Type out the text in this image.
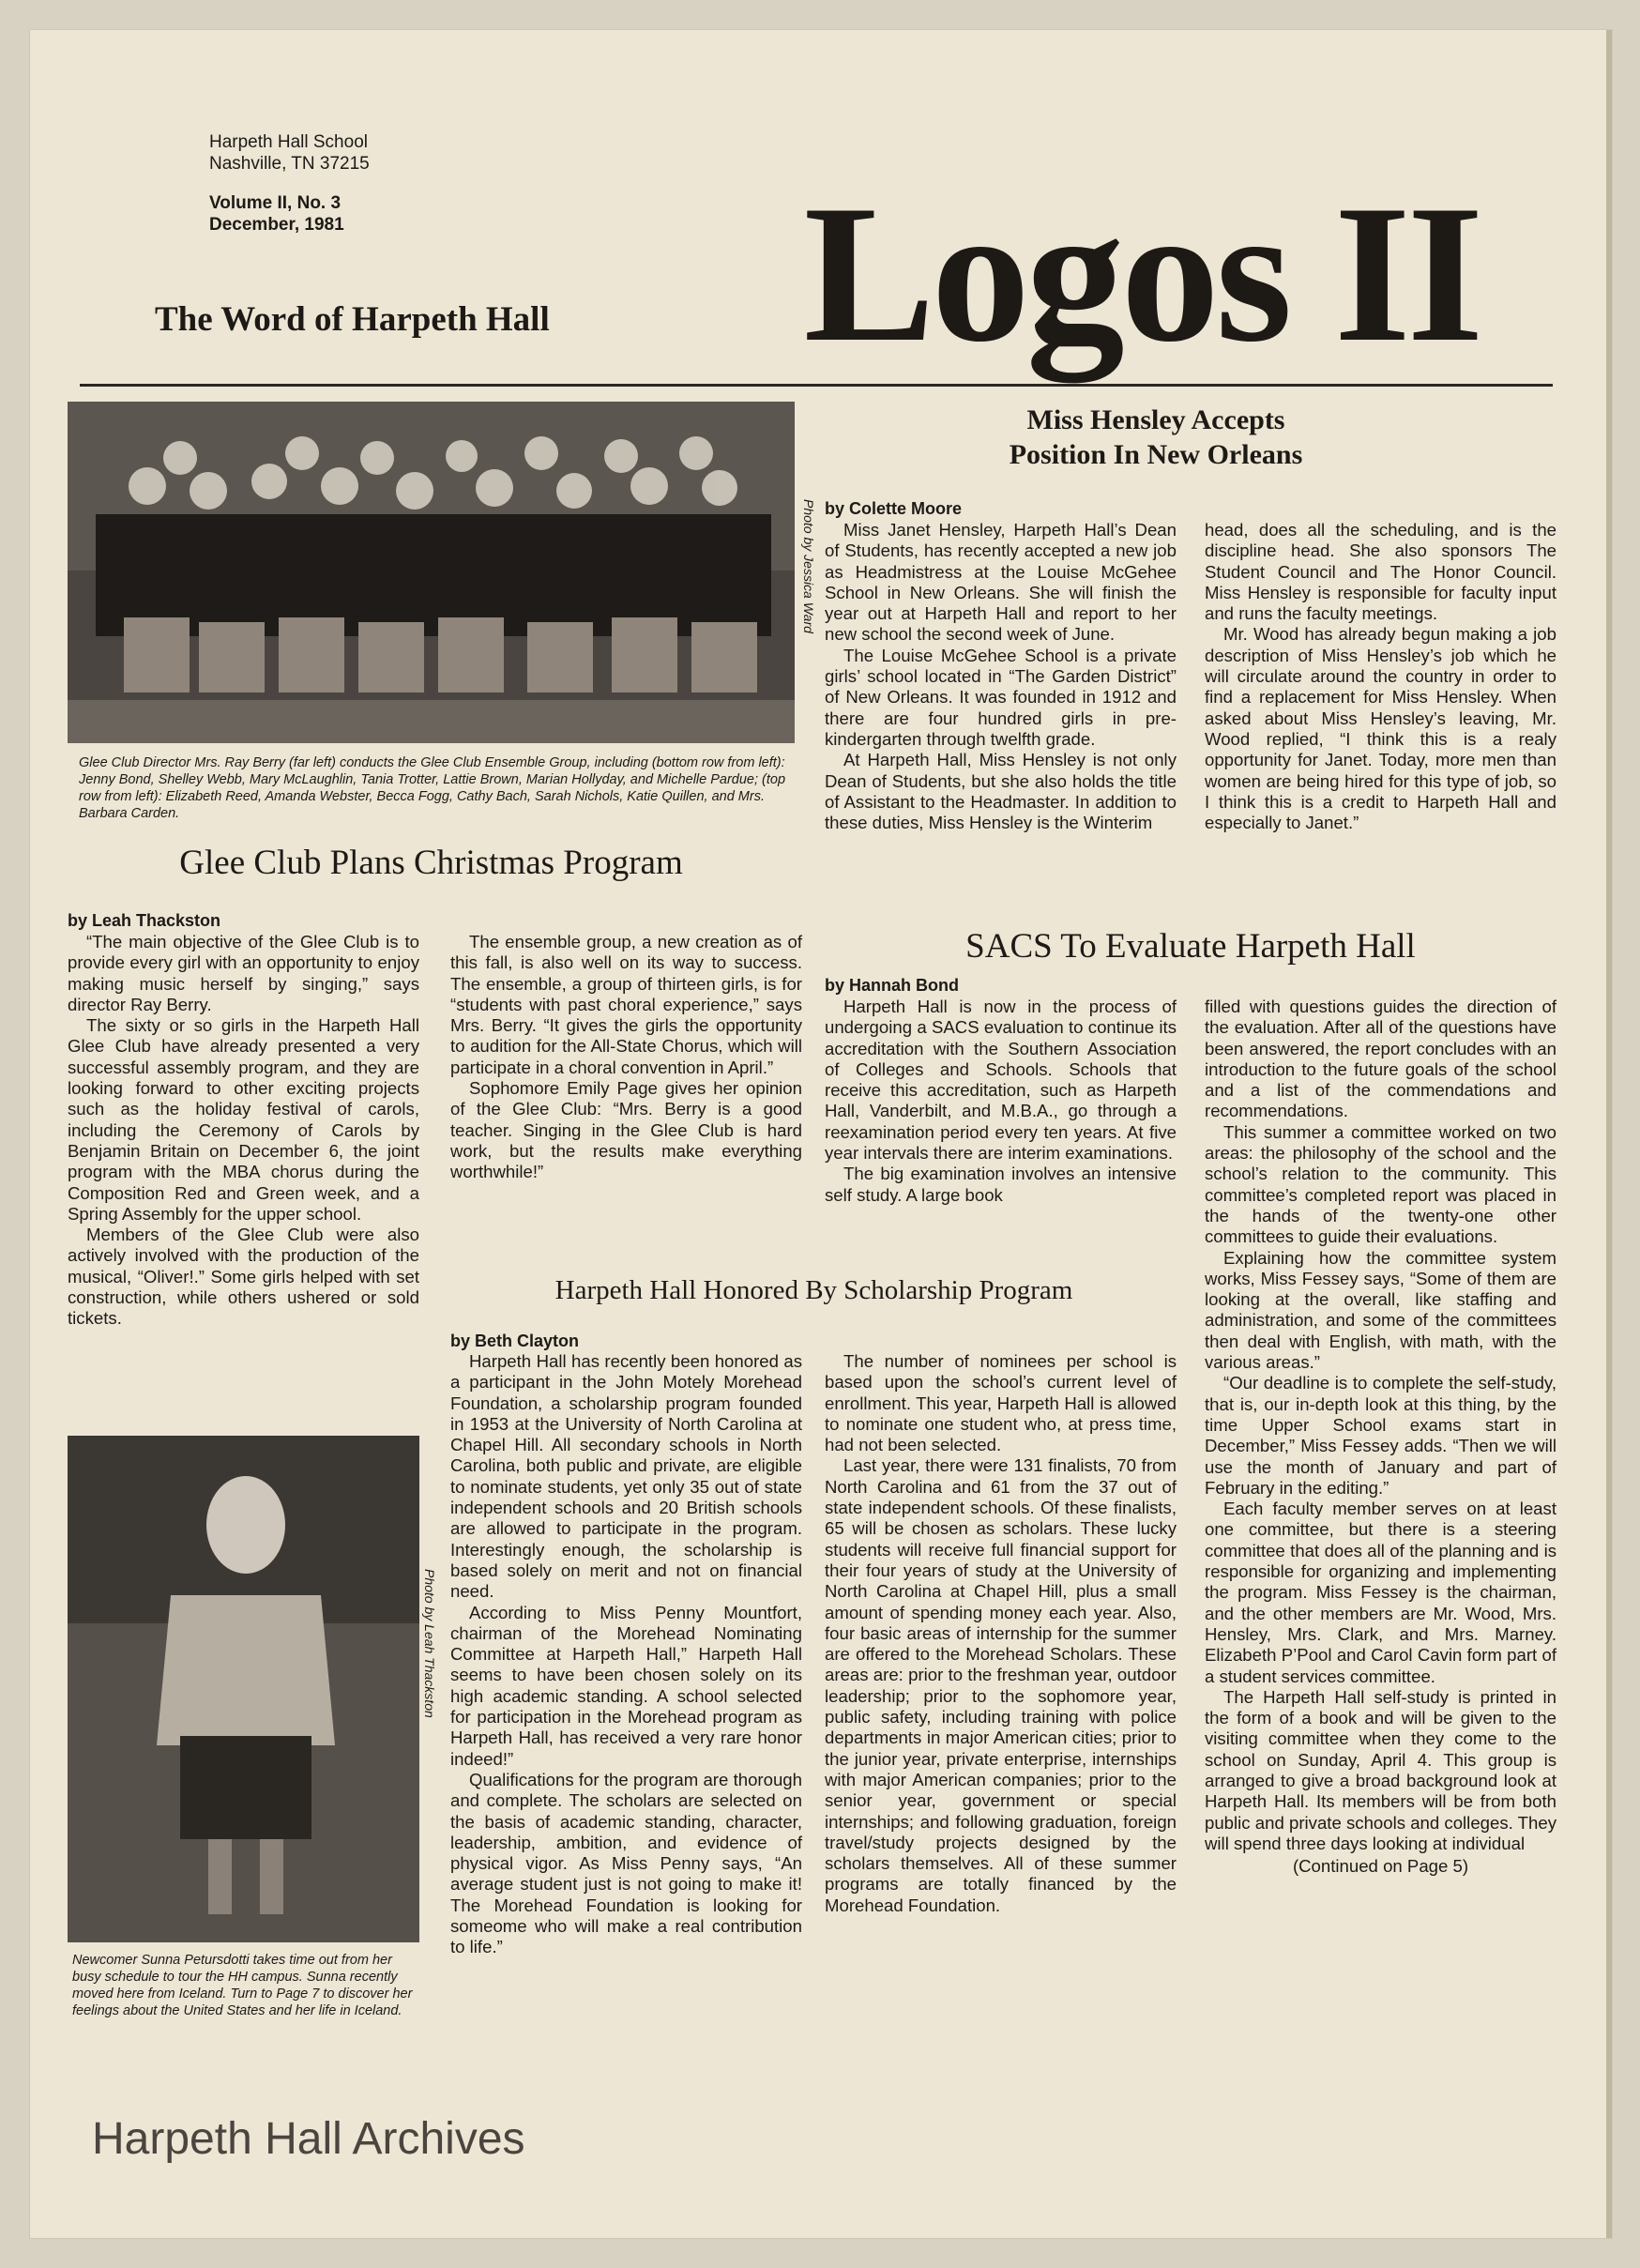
Harpeth Hall School
Nashville, TN 37215
Volume II, No. 3
December, 1981
The Word of Harpeth Hall	Logos II
Photo by Jessica Ward
Glee Club Director Mrs. Ray Berry (far left) conducts the Glee Club Ensemble Group, including (bottom row from left): Jenny Bond, Shelley Webb, Mary McLaughlin, Tania Trotter, Lattie Brown, Marian Hollyday, and Michelle Pardue; (top row from left): Elizabeth Reed, Amanda Webster, Becca Fogg, Cathy Bach, Sarah Nichols, Katie Quillen, and Mrs. Barbara Carden.
Glee Club Plans Christmas Program
by Leah Thackston

“The main objective of the Glee Club is to provide every girl with an opportunity to enjoy making music herself by singing,” says director Ray Berry.

The sixty or so girls in the Harpeth Hall Glee Club have already presented a very successful assembly program, and they are looking forward to other exciting projects such as the holiday festival of carols, including the Ceremony of Carols by Benjamin Britain on December 6, the joint program with the MBA chorus during the Composition Red and Green week, and a Spring Assembly for the upper school.

Members of the Glee Club were also actively involved with the production of the musical, “Oliver!.” Some girls helped with set construction, while others ushered or sold tickets.

The ensemble group, a new creation as of this fall, is also well on its way to success. The ensemble, a group of thirteen girls, is for “students with past choral experience,” says Mrs. Berry. “It gives the girls the opportunity to audition for the All-State Chorus, which will participate in a choral convention in April.”

Sophomore Emily Page gives her opinion of the Glee Club: “Mrs. Berry is a good teacher. Singing in the Glee Club is hard work, but the results make everything worthwhile!”

Photo by Leah Thackston
Newcomer Sunna Petursdotti takes time out from her busy schedule to tour the HH campus. Sunna recently moved here from Iceland. Turn to Page 7 to discover her feelings about the United States and her life in Iceland.
Miss Hensley Accepts
Position In New Orleans
by Colette Moore

Miss Janet Hensley, Harpeth Hall’s Dean of Students, has recently accepted a new job as Headmistress at the Louise McGehee School in New Orleans. She will finish the year out at Harpeth Hall and report to her new school the second week of June.

The Louise McGehee School is a private girls’ school located in “The Garden District” of New Orleans. It was founded in 1912 and there are four hundred girls in pre-kindergarten through twelfth grade.

At Harpeth Hall, Miss Hensley is not only Dean of Students, but she also holds the title of Assistant to the Headmaster. In addition to these duties, Miss Hensley is the Winterim

head, does all the scheduling, and is the discipline head. She also sponsors The Student Council and The Honor Council. Miss Hensley is responsible for faculty input and runs the faculty meetings.

Mr. Wood has already begun making a job description of Miss Hensley’s job which he will circulate around the country in order to find a replacement for Miss Hensley. When asked about Miss Hensley’s leaving, Mr. Wood replied, “I think this is a realy opportunity for Janet. Today, more men than women are being hired for this type of job, so I think this is a credit to Harpeth Hall and especially to Janet.”

SACS To Evaluate Harpeth Hall
by Hannah Bond

Harpeth Hall is now in the process of undergoing a SACS evaluation to continue its accreditation with the Southern Association of Colleges and Schools. Schools that receive this accreditation, such as Harpeth Hall, Vanderbilt, and M.B.A., go through a reexamination period every ten years. At five year intervals there are interim examinations.

The big examination involves an intensive self study. A large book

filled with questions guides the direction of the evaluation. After all of the questions have been answered, the report concludes with an introduction to the future goals of the school and a list of the commendations and recommendations.

This summer a committee worked on two areas: the philosophy of the school and the school’s relation to the community. This committee’s completed report was placed in the hands of the twenty-one other committees to guide their evaluations.

Explaining how the committee system works, Miss Fessey says, “Some of them are looking at the overall, like staffing and administration, and some of the committees then deal with English, with math, with the various areas.”

“Our deadline is to complete the self-study, that is, our in-depth look at this thing, by the time Upper School exams start in December,” Miss Fessey adds. “Then we will use the month of January and part of February in the editing.”

Each faculty member serves on at least one committee, but there is a steering committee that does all of the planning and is responsible for organizing and implementing the program. Miss Fessey is the chairman, and the other members are Mr. Wood, Mrs. Hensley, Mrs. Clark, and Mrs. Marney. Elizabeth P’Pool and Carol Cavin form part of a student services committee.

The Harpeth Hall self-study is printed in the form of a book and will be given to the visiting committee when they come to the school on Sunday, April 4. This group is arranged to give a broad background look at Harpeth Hall. Its members will be from both public and private schools and colleges. They will spend three days looking at individual

(Continued on Page 5)
Harpeth Hall Honored By Scholarship Program
by Beth Clayton

Harpeth Hall has recently been honored as a participant in the John Motely Morehead Foundation, a scholarship program founded in 1953 at the University of North Carolina at Chapel Hill. All secondary schools in North Carolina, both public and private, are eligible to nominate students, yet only 35 out of state independent schools and 20 British schools are allowed to participate in the program. Interestingly enough, the scholarship is based solely on merit and not on financial need.

According to Miss Penny Mountfort, chairman of the Morehead Nominating Committee at Harpeth Hall,” Harpeth Hall seems to have been chosen solely on its high academic standing. A school selected for participation in the Morehead program as Harpeth Hall, has received a very rare honor indeed!”

Qualifications for the program are thorough and complete. The scholars are selected on the basis of academic standing, character, leadership, ambition, and evidence of physical vigor. As Miss Penny says, “An average student just is not going to make it! The Morehead Foundation is looking for someome who will make a real contribution to life.”

The number of nominees per school is based upon the school’s current level of enrollment. This year, Harpeth Hall is allowed to nominate one student who, at press time, had not been selected.

Last year, there were 131 finalists, 70 from North Carolina and 61 from the 37 out of state independent schools. Of these finalists, 65 will be chosen as scholars. These lucky students will receive full financial support for their four years of study at the University of North Carolina at Chapel Hill, plus a small amount of spending money each year. Also, four basic areas of internship for the summer are offered to the Morehead Scholars. These areas are: prior to the freshman year, outdoor leadership; prior to the sophomore year, public safety, including training with police departments in major American cities; prior to the junior year, private enterprise, internships with major American companies; prior to the senior year, government or special internships; and following graduation, foreign travel/study projects designed by the scholars themselves. All of these summer programs are totally financed by the Morehead Foundation.

Harpeth Hall Archives
